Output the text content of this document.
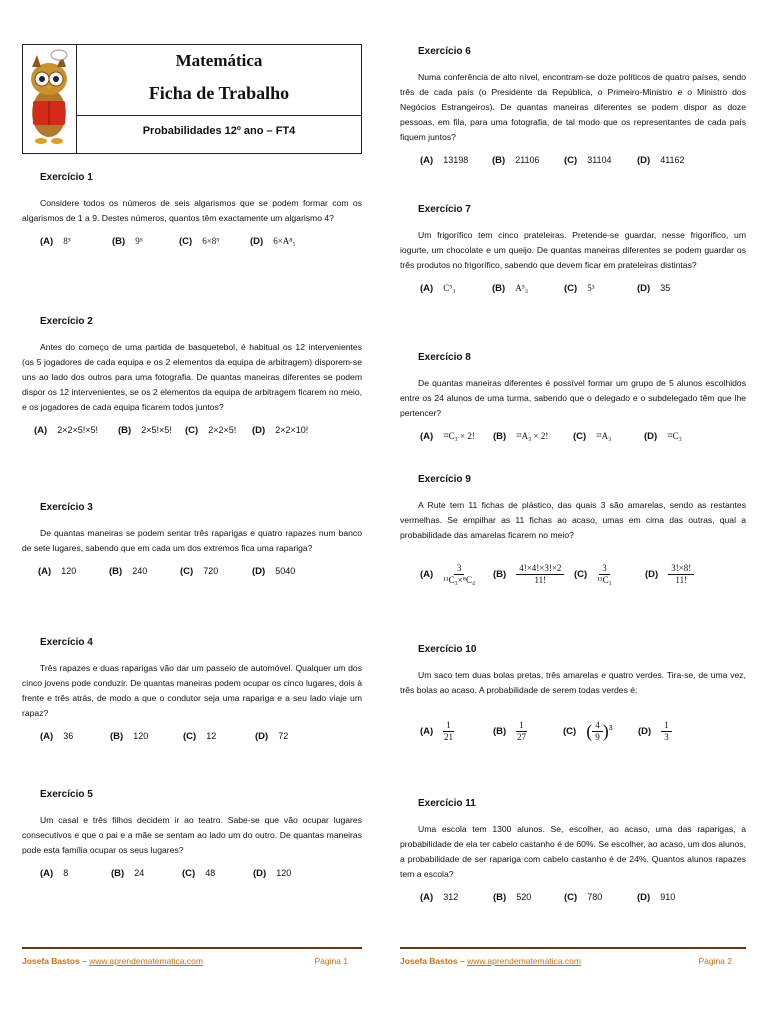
Matemática
Ficha de Trabalho
Probabilidades 12º ano – FT4
Exercício 1

Considere todos os números de seis algarismos que se podem formar com os algarismos de 1 a 9. Destes números, quantos têm exactamente um algarismo 4?

(A) 8⁵	(B) 9⁵	(C) 6×8⁵	(D) 6×A⁸₅
Exercício 2

Antes do começo de uma partida de basquetebol, é habitual os 12 intervenientes (os 5 jogadores de cada equipa e os 2 elementos da equipa de arbitragem) disporem-se uns ao lado dos outros para uma fotografia. De quantas maneiras diferentes se podem dispor os 12 intervenientes, se os 2 elementos da equipa de arbitragem ficarem no meio, e os jogadores de cada equipa ficarem todos juntos?

(A) 2×2×5!×5! (B) 2×5!×5! (C) 2×2×5! (D) 2×2×10!
Exercício 3

De quantas maneiras se podem sentar três raparigas e quatro rapazes num banco de sete lugares, sabendo que em cada um dos extremos fica uma rapariga?

(A) 120	(B) 240	(C) 720	(D) 5040
Exercício 4

Três rapazes e duas raparigas vão dar um passeio de automóvel. Qualquer um dos cinco jovens pode conduzir. De quantas maneiras podem ocupar os cinco lugares, dois à frente e três atrás, de modo a que o condutor seja uma rapariga e a seu lado viaje um rapaz?

(A) 36	(B) 120	(C) 12	(D) 72
Exercício 5

Um casal e três filhos decidem ir ao teatro. Sabe-se que vão ocupar lugares consecutivos e que o pai e a mãe se sentam ao lado um do outro. De quantas maneiras pode esta família ocupar os seus lugares?

(A) 8	(B) 24	(C) 48	(D) 120
Exercício 6

Numa conferência de alto nível, encontram-se doze políticos de quatro países, sendo três de cada país (o Presidente da República, o Primeiro-Ministro e o Ministro dos Negócios Estrangeiros). De quantas maneiras diferentes se podem dispor as doze pessoas, em fila, para uma fotografia, de tal modo que os representantes de cada país fiquem juntos?

(A) 13198	(B) 21106	(C) 31104	(D) 41162
Exercício 7

Um frigorífico tem cinco prateleiras. Pretende-se guardar, nesse frigorífico, um iogurte, um chocolate e um queijo. De quantas maneiras diferentes se podem guardar os três produtos no frigorífico, sabendo que devem ficar em prateleiras distintas?

(A) C⁵₃	(B) A⁵₃	(C) 5³	(D) 35
Exercício 8

De quantas maneiras diferentes é possível formar um grupo de 5 alunos escolhidos entre os 24 alunos de uma turma, sabendo que o delegado e o subdelegado têm que lhe pertencer?

(A) ²²C₃ × 2! (B) ²²A₃ × 2!	(C) ²²A₃	(D) ²²C₃
Exercício 9

A Rute tem 11 fichas de plástico, das quais 3 são amarelas, sendo as restantes vermelhas. Se empilhar as 11 fichas ao acaso, umas em cima das outras, qual a probabilidade das amarelas ficarem no meio?

$(A) \frac{3}{\text{¹¹C₃×⁸C₄}} (B) \frac{4!\times 4!\times 3!\times 2}{11!} (C) \frac{3}{\text{¹¹C₃}}$	$(D) \frac{3!\times 8!}{11!}$
Exercício 10

Um saco tem duas bolas pretas, três amarelas e quatro verdes. Tira-se, de uma vez, três bolas ao acaso. A probabilidade de serem todas verdes é:

$(A) \frac{1}{21}$	$(B) \frac{1}{27}$	(C) ( $\frac{4}{9} )^3$	$(D) \frac{1}{3}$
Exercício 11

Uma escola tem 1300 alunos. Se, escolher, ao acaso, uma das raparigas, a probabilidade de ela ter cabelo castanho é de 60%. Se escolher, ao acaso, um dos alunos, a probabilidade de ser rapariga com cabelo castanho é de 24%. Quantos alunos rapazes tem a escola?

(A) 312	(B) 520	(C) 780	(D) 910
Josefa Bastos – www.aprendematematica.com	Página 1	Josefa Bastos – www.aprendematematica.com	Página 2
